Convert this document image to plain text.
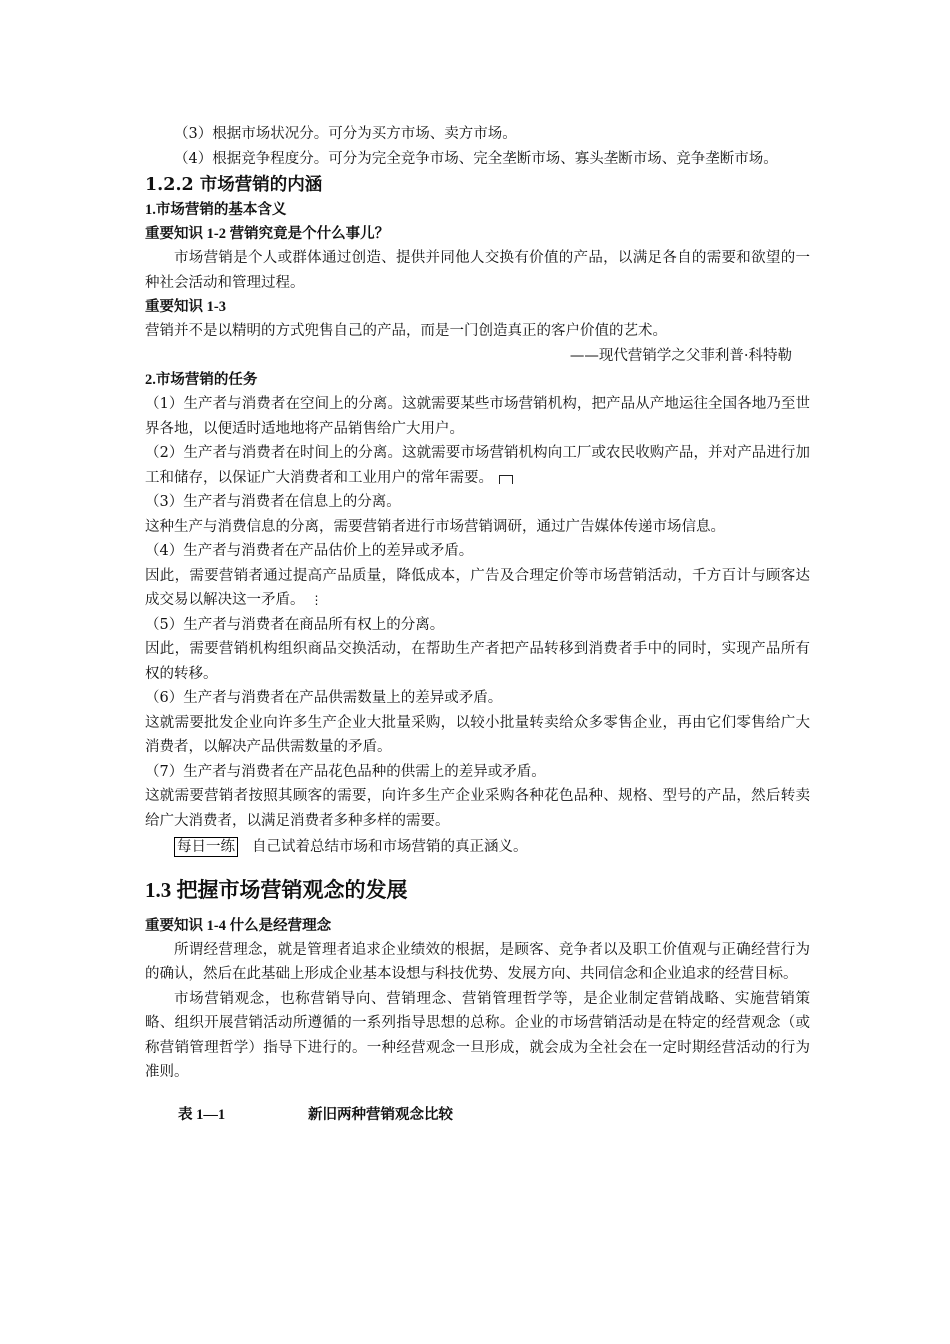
（3）根据市场状况分。可分为买方市场、卖方市场。

（4）根据竞争程度分。可分为完全竞争市场、完全垄断市场、寡头垄断市场、竞争垄断市场。

1.2.2 市场营销的内涵
1.市场营销的基本含义
重要知识 1-2 营销究竟是个什么事儿？

市场营销是个人或群体通过创造、提供并同他人交换有价值的产品，以满足各自的需要和欲望的一种社会活动和管理过程。

重要知识 1-3

营销并不是以精明的方式兜售自己的产品，而是一门创造真正的客户价值的艺术。

——现代营销学之父菲利普·科特勒

2.市场营销的任务

（1）生产者与消费者在空间上的分离。这就需要某些市场营销机构，把产品从产地运往全国各地乃至世界各地，以便适时适地地将产品销售给广大用户。

（2）生产者与消费者在时间上的分离。这就需要市场营销机构向工厂或农民收购产品，并对产品进行加工和储存，以保证广大消费者和工业用户的常年需要。

（3）生产者与消费者在信息上的分离。

这种生产与消费信息的分离，需要营销者进行市场营销调研，通过广告媒体传递市场信息。

（4）生产者与消费者在产品估价上的差异或矛盾。

因此，需要营销者通过提高产品质量，降低成本，广告及合理定价等市场营销活动，千方百计与顾客达成交易以解决这一矛盾。 ⋮

（5）生产者与消费者在商品所有权上的分离。

因此，需要营销机构组织商品交换活动，在帮助生产者把产品转移到消费者手中的同时，实现产品所有权的转移。

（6）生产者与消费者在产品供需数量上的差异或矛盾。

这就需要批发企业向许多生产企业大批量采购，以较小批量转卖给众多零售企业，再由它们零售给广大消费者，以解决产品供需数量的矛盾。

（7）生产者与消费者在产品花色品种的供需上的差异或矛盾。

这就需要营销者按照其顾客的需要，向许多生产企业采购各种花色品种、规格、型号的产品，然后转卖给广大消费者，以满足消费者多种多样的需要。

每日一练 自己试着总结市场和市场营销的真正涵义。

1.3 把握市场营销观念的发展
重要知识 1-4 什么是经营理念

所谓经营理念，就是管理者追求企业绩效的根据，是顾客、竞争者以及职工价值观与正确经营行为的确认，然后在此基础上形成企业基本设想与科技优势、发展方向、共同信念和企业追求的经营目标。

市场营销观念，也称营销导向、营销理念、营销管理哲学等，是企业制定营销战略、实施营销策略、组织开展营销活动所遵循的一系列指导思想的总称。企业的市场营销活动是在特定的经营观念（或称营销管理哲学）指导下进行的。一种经营观念一旦形成，就会成为全社会在一定时期经营活动的行为准则。

表 1—1	新旧两种营销观念比较
